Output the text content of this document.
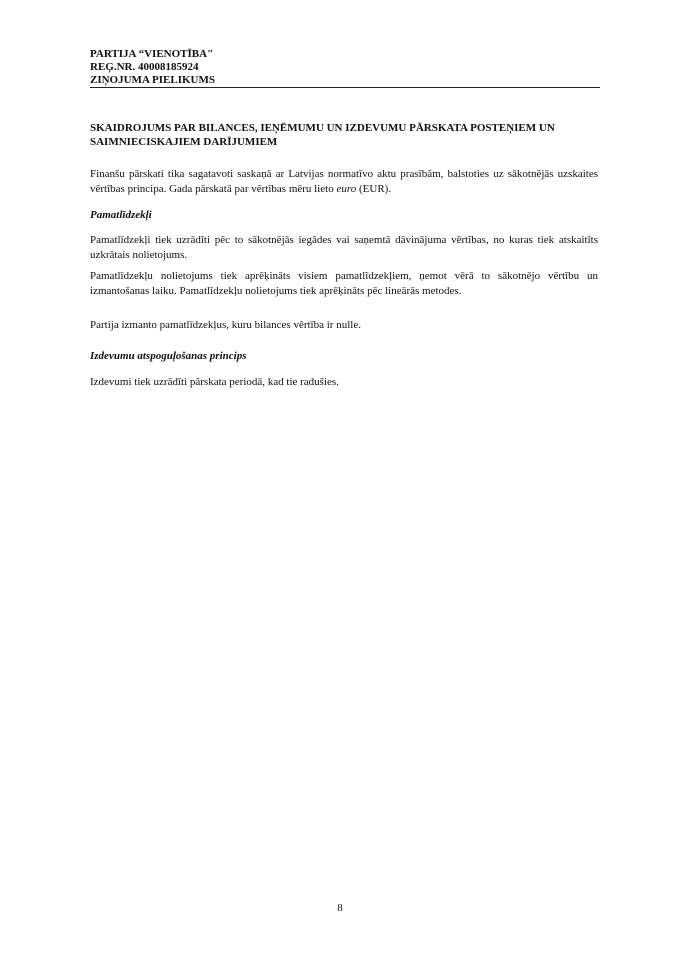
PARTIJA “VIENOTĪBA"
REĢ.NR. 40008185924
ZIŅOJUMA PIELIKUMS
SKAIDROJUMS PAR BILANCES, IEŅĒMUMU UN IZDEVUMU PĀRSKATA POSTEŅIEM UN
SAIMNIECISKAJIEM DARĪJUMIEM
Finanšu pārskati tika sagatavoti saskaņā ar Latvijas normatīvo aktu prasībām, balstoties uz sākotnējās uzskaites vērtības principa. Gada pārskatā par vērtības mēru lieto euro (EUR).
Pamatlīdzekļi
Pamatlīdzekļi tiek uzrādīti pēc to sākotnējās iegādes vai saņemtā dāvinājuma vērtības, no kuras tiek atskaitīts uzkrātais nolietojums.
Pamatlīdzekļu nolietojums tiek aprēķināts visiem pamatlīdzekļiem, ņemot vērā to sākotnējo vērtību un izmantošanas laiku. Pamatlīdzekļu nolietojums tiek aprēķināts pēc lineārās metodes.
Partija izmanto pamatlīdzekļus, kuru bilances vērtība ir nulle.
Izdevumu atspoguļošanas princips
Izdevumi tiek uzrādīti pārskata periodā, kad tie radušies.
8
